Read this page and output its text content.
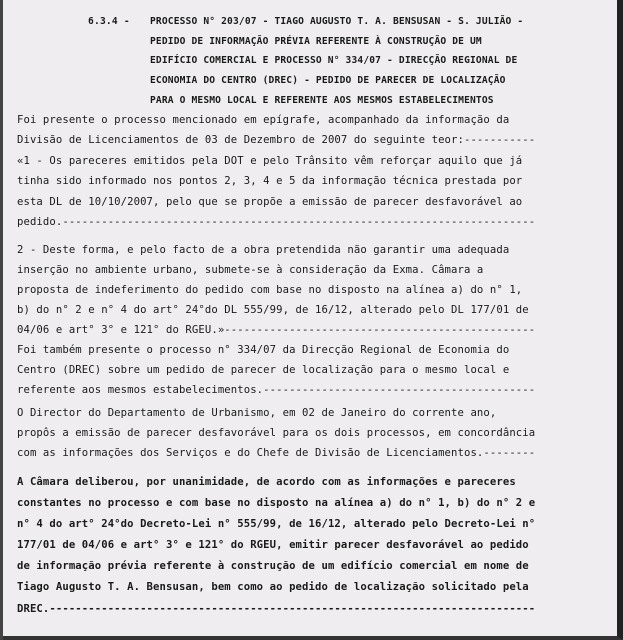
6.3.4 - PROCESSO N° 203/07 - TIAGO AUGUSTO T. A. BENSUSAN - S. JULIÃO -
PEDIDO DE INFORMAÇÃO PRÉVIA REFERENTE À CONSTRUÇÃO DE UM
EDIFÍCIO COMERCIAL E PROCESSO N° 334/07 - DIRECÇÃO REGIONAL DE
ECONOMIA DO CENTRO (DREC) - PEDIDO DE PARECER DE LOCALIZAÇÃO
PARA O MESMO LOCAL E REFERENTE AOS MESMOS ESTABELECIMENTOS
Foi presente o processo mencionado em epígrafe, acompanhado da informação da
Divisão de Licenciamentos de 03 de Dezembro de 2007 do seguinte teor:-----------
«1 - Os pareceres emitidos pela DOT e pelo Trânsito vêm reforçar aquilo que já
tinha sido informado nos pontos 2, 3, 4 e 5 da informação técnica prestada por
esta DL de 10/10/2007, pelo que se propõe a emissão de parecer desfavorável ao
pedido.-------------------------------------------------------------------------
2 - Deste forma, e pelo facto de a obra pretendida não garantir uma adequada
inserção no ambiente urbano, submete-se à consideração da Exma. Câmara a
proposta de indeferimento do pedido com base no disposto na alínea a) do n° 1,
b) do n° 2 e n° 4 do art° 24°do DL 555/99, de 16/12, alterado pelo DL 177/01 de
04/06 e art° 3° e 121° do RGEU.»------------------------------------------------
Foi também presente o processo n° 334/07 da Direcção Regional de Economia do
Centro (DREC) sobre um pedido de parecer de localização para o mesmo local e
referente aos mesmos estabelecimentos.------------------------------------------
O Director do Departamento de Urbanismo, em 02 de Janeiro do corrente ano,
propôs a emissão de parecer desfavorável para os dois processos, em concordância
com as informações dos Serviços e do Chefe de Divisão de Licenciamentos.--------
A Câmara deliberou, por unanimidade, de acordo com as informações e pareceres
constantes no processo e com base no disposto na alínea a) do n° 1, b) do n° 2 e
n° 4 do art° 24°do Decreto-Lei n° 555/99, de 16/12, alterado pelo Decreto-Lei n°
177/01 de 04/06 e art° 3° e 121° do RGEU, emitir parecer desfavorável ao pedido
de informação prévia referente à construção de um edifício comercial em nome de
Tiago Augusto T. A. Bensusan, bem como ao pedido de localização solicitado pela
DREC.---------------------------------------------------------------------------
